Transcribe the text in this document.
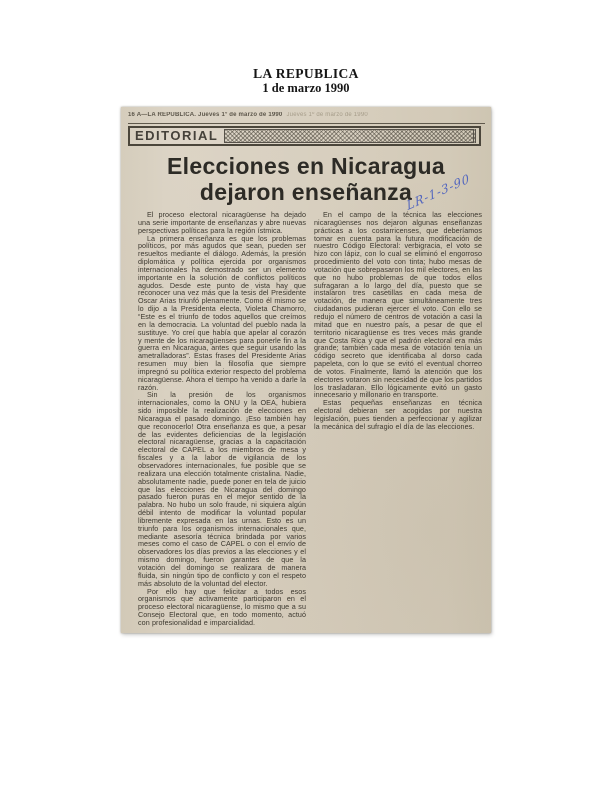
LA REPUBLICA
1 de marzo 1990
16 A—LA REPUBLICA. Jueves 1º de marzo de 1990 Jueves 1º de marzo de 1990
EDITORIAL
Elecciones en Nicaragua
dejaron enseñanza
LR-1-3-90

El proceso electoral nicaragüense ha dejado una serie importante de enseñanzas y abre nuevas perspectivas políticas para la región ístmica.

La primera enseñanza es que los problemas políticos, por más agudos que sean, pueden ser resueltos mediante el diálogo. Además, la presión diplomática y política ejercida por organismos internacionales ha demostrado ser un elemento importante en la solución de conflictos políticos agudos. Desde este punto de vista hay que reconocer una vez más que la tesis del Presidente Oscar Arias triunfó plenamente. Como él mismo se lo dijo a la Presidenta electa, Violeta Chamorro, “Este es el triunfo de todos aquellos que creímos en la democracia. La voluntad del pueblo nada la sustituye. Yo creí que había que apelar al corazón y mente de los nicaragüenses para ponerle fin a la guerra en Nicaragua, antes que seguir usando las ametralladoras”. Estas frases del Presidente Arias resumen muy bien la filosofía que siempre impregnó su política exterior respecto del problema nicaragüense. Ahora el tiempo ha venido a darle la razón.

Sin la presión de los organismos internacionales, como la ONU y la OEA, hubiera sido imposible la realización de elecciones en Nicaragua el pasado domingo. ¡Eso también hay que reconocerlo! Otra enseñanza es que, a pesar de las evidentes deficiencias de la legislación electoral nicaragüense, gracias a la capacitación electoral de CAPEL a los miembros de mesa y fiscales y a la labor de vigilancia de los observadores internacionales, fue posible que se realizara una elección totalmente cristalina. Nadie, absolutamente nadie, puede poner en tela de juicio que las elecciones de Nicaragua del domingo pasado fueron puras en el mejor sentido de la palabra. No hubo un solo fraude, ni siquiera algún débil intento de modificar la voluntad popular libremente expresada en las urnas. Esto es un triunfo para los organismos internacionales que, mediante asesoría técnica brindada por varios meses como el caso de CAPEL o con el envío de observadores los días previos a las elecciones y el mismo domingo, fueron garantes de que la votación del domingo se realizara de manera fluida, sin ningún tipo de conflicto y con el respeto más absoluto de la voluntad del elector.

Por ello hay que felicitar a todos esos organismos que activamente participaron en el proceso electoral nicaragüense, lo mismo que a su Consejo Electoral que, en todo momento, actuó con profesionalidad e imparcialidad.

En el campo de la técnica las elecciones nicaragüenses nos dejaron algunas enseñanzas prácticas a los costarricenses, que deberíamos tomar en cuenta para la futura modificación de nuestro Código Electoral: verbigracia, el voto se hizo con lápiz, con lo cual se eliminó el engorroso procedimiento del voto con tinta; hubo mesas de votación que sobrepasaron los mil electores, en las que no hubo problemas de que todos ellos sufragaran a lo largo del día, puesto que se instalaron tres casetillas en cada mesa de votación, de manera que simultáneamente tres ciudadanos pudieran ejercer el voto. Con ello se redujo el número de centros de votación a casi la mitad que en nuestro país, a pesar de que el territorio nicaragüense es tres veces más grande que Costa Rica y que el padrón electoral era más grande; también cada mesa de votación tenía un código secreto que identificaba al dorso cada papeleta, con lo que se evitó el eventual chorreo de votos. Finalmente, llamó la atención que los electores votaron sin necesidad de que los partidos los trasladaran. Ello lógicamente evitó un gasto innecesario y millonario en transporte.

Estas pequeñas enseñanzas en técnica electoral debieran ser acogidas por nuestra legislación, pues tienden a perfeccionar y agilizar la mecánica del sufragio el día de las elecciones.
